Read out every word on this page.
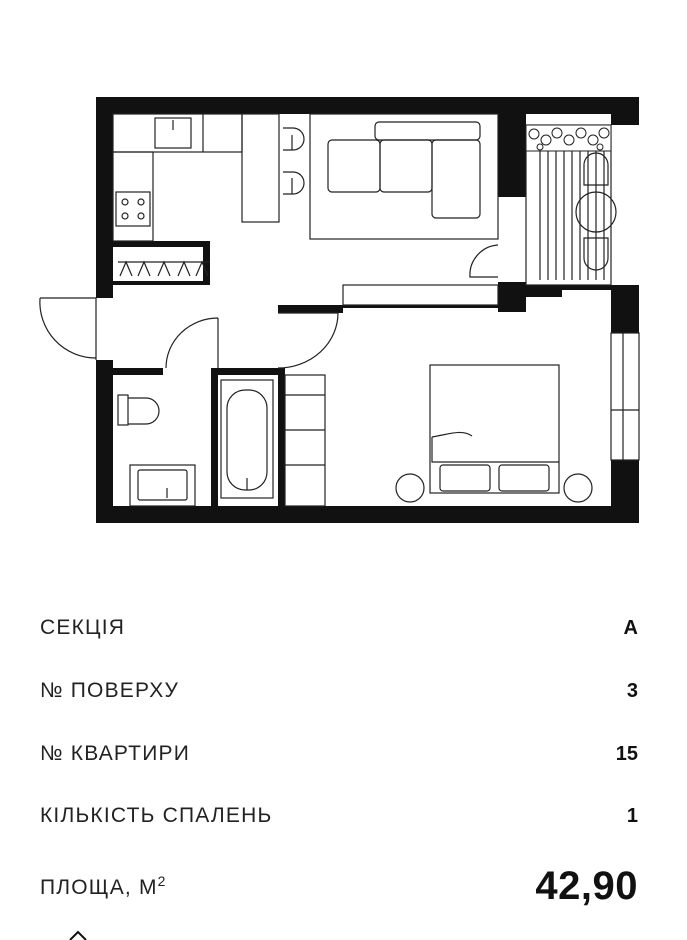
СЕКЦІЯ	А
№ ПОВЕРХУ	3
№ КВАРТИРИ	15
КІЛЬКІСТЬ СПАЛЕНЬ	1
ПЛОЩА, $М^2$	42,90
